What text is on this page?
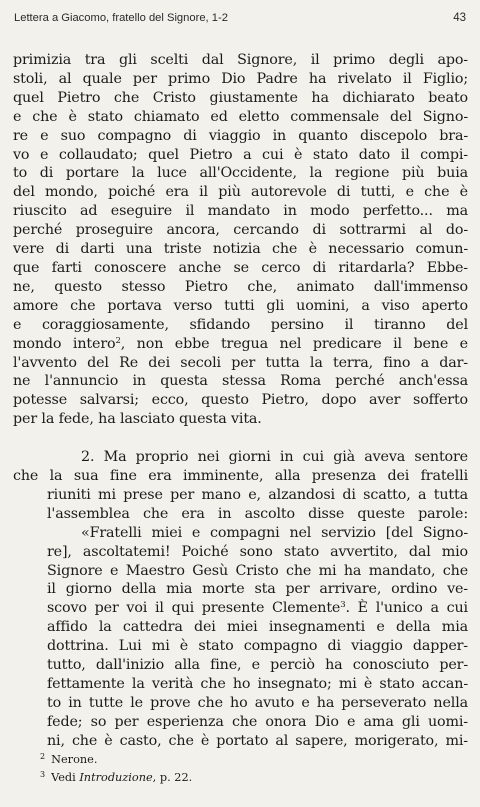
Lettera a Giacomo, fratello del Signore, 1-2	43

primizia tra gli scelti dal Signore, il primo degli apo-
stoli, al quale per primo Dio Padre ha rivelato il Figlio;
quel Pietro che Cristo giustamente ha dichiarato beato
e che è stato chiamato ed eletto commensale del Signo-
re e suo compagno di viaggio in quanto discepolo bra-
vo e collaudato; quel Pietro a cui è stato dato il compi-
to di portare la luce all'Occidente, la regione più buia
del mondo, poiché era il più autorevole di tutti, e che è
riuscito ad eseguire il mandato in modo perfetto... ma
perché proseguire ancora, cercando di sottrarmi al do-
vere di darti una triste notizia che è necessario comun-
que farti conoscere anche se cerco di ritardarla? Ebbe-
ne, questo stesso Pietro che, animato dall'immenso
amore che portava verso tutti gli uomini, a viso aperto
e coraggiosamente, sfidando persino il tiranno del
mondo intero$^2$, non ebbe tregua nel predicare il bene e
l'avvento del Re dei secoli per tutta la terra, fino a dar-
ne l'annuncio in questa stessa Roma perché anch'essa
potesse salvarsi; ecco, questo Pietro, dopo aver sofferto
per la fede, ha lasciato questa vita.

2. Ma proprio nei giorni in cui già aveva sentore
che la sua fine era imminente, alla presenza dei fratelli
riuniti mi prese per mano e, alzandosi di scatto, a tutta
l'assemblea che era in ascolto disse queste parole:

«Fratelli miei e compagni nel servizio [del Signo-
re], ascoltatemi! Poiché sono stato avvertito, dal mio
Signore e Maestro Gesù Cristo che mi ha mandato, che
il giorno della mia morte sta per arrivare, ordino ve-
scovo per voi il qui presente Clemente$^3$. È l'unico a cui
affido la cattedra dei miei insegnamenti e della mia
dottrina. Lui mi è stato compagno di viaggio dapper-
tutto, dall'inizio alla fine, e perciò ha conosciuto per-
fettamente la verità che ho insegnato; mi è stato accan-
to in tutte le prove che ho avuto e ha perseverato nella
fede; so per esperienza che onora Dio e ama gli uomi-
ni, che è casto, che è portato al sapere, morigerato, mi-

$^2$ Nerone.
$^3$ Vedi Introduzione, p. 22.
